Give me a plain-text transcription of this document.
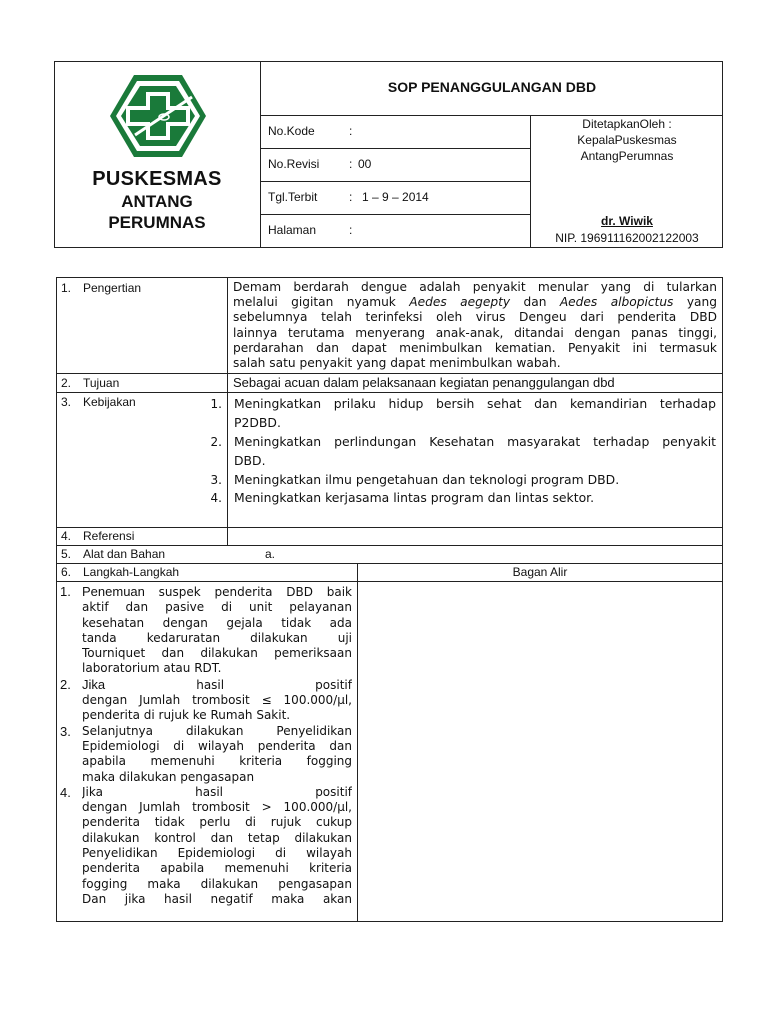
PUSKESMAS
ANTANG
PERUMNAS
SOP PENANGGULANGAN DBD
No.Kode	:
No.Revisi : 00
Tgl.Terbit	: 1 – 9 – 2014
Halaman	:
DitetapkanOleh :
KepalaPuskesmas
AntangPerumnas
dr. Wiwik
NIP. 196911162002122003
1. Pengertian	Demam berdarah dengue adalah penyakit menular yang di tularkan
melalui gigitan nyamuk Aedes aegepty dan Aedes albopictus yang
sebelumnya telah terinfeksi oleh virus Dengeu dari penderita DBD
lainnya terutama menyerang anak-anak, ditandai dengan panas tinggi,
perdarahan dan dapat menimbulkan kematian. Penyakit ini termasuk
salah satu penyakit yang dapat menimbulkan wabah.
2. Tujuan	Sebagai acuan dalam pelaksanaan kegiatan penanggulangan dbd
3. Kebijakan	1. Meningkatkan prilaku hidup bersih sehat dan kemandirian terhadap
P2DBD.
2. Meningkatkan perlindungan Kesehatan masyarakat terhadap penyakit
DBD.
3. Meningkatkan ilmu pengetahuan dan teknologi program DBD.
4. Meningkatkan kerjasama lintas program dan lintas sektor.
4. Referensi
5. Alat dan Bahan	a.
6. Langkah-Langkah	Bagan Alir
1. Penemuan suspek penderita DBD baik
aktif dan pasive di unit pelayanan
kesehatan dengan gejala tidak ada
tanda kedaruratan dilakukan uji
Tourniquet dan dilakukan pemeriksaan
laboratorium atau RDT.
2. Jika hasil positif
dengan Jumlah trombosit ≤ 100.000/µl,
penderita di rujuk ke Rumah Sakit.
3. Selanjutnya dilakukan Penyelidikan
Epidemiologi di wilayah penderita dan
apabila memenuhi kriteria fogging
maka dilakukan pengasapan
4. Jika hasil positif
dengan Jumlah trombosit > 100.000/µl,
penderita tidak perlu di rujuk cukup
dilakukan kontrol dan tetap dilakukan
Penyelidikan Epidemiologi di wilayah
penderita apabila memenuhi kriteria
fogging maka dilakukan pengasapan
Dan jika hasil negatif maka akan
